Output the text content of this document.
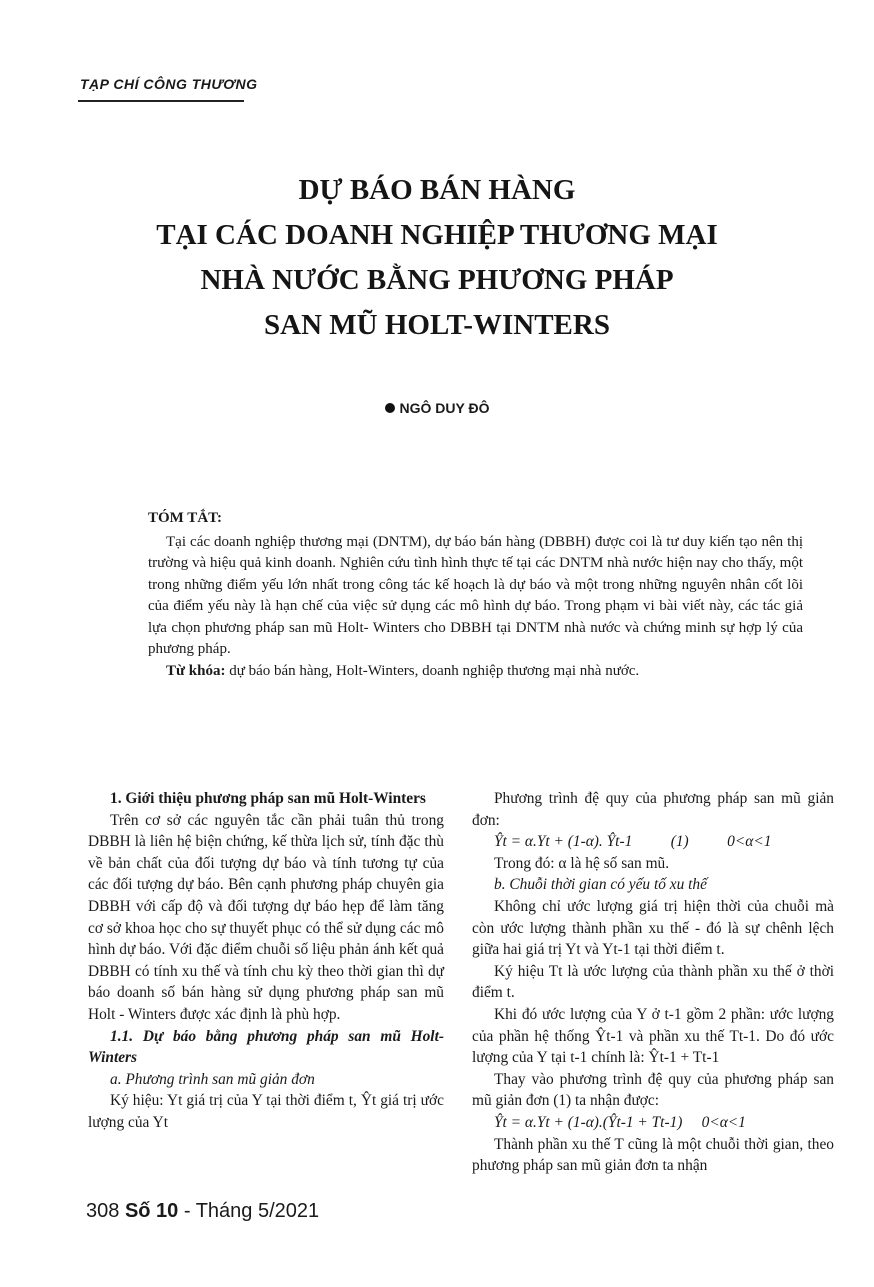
TẠP CHÍ CÔNG THƯƠNG
DỰ BÁO BÁN HÀNG
TẠI CÁC DOANH NGHIỆP THƯƠNG MẠI
NHÀ NƯỚC BẰNG PHƯƠNG PHÁP
SAN MŨ HOLT-WINTERS
NGÔ DUY ĐÔ
TÓM TẮT:

Tại các doanh nghiệp thương mại (DNTM), dự báo bán hàng (DBBH) được coi là tư duy kiến tạo nên thị trường và hiệu quả kinh doanh. Nghiên cứu tình hình thực tế tại các DNTM nhà nước hiện nay cho thấy, một trong những điểm yếu lớn nhất trong công tác kế hoạch là dự báo và một trong những nguyên nhân cốt lõi của điểm yếu này là hạn chế của việc sử dụng các mô hình dự báo. Trong phạm vi bài viết này, các tác giả lựa chọn phương pháp san mũ Holt- Winters cho DBBH tại DNTM nhà nước và chứng minh sự hợp lý của phương pháp.

Từ khóa: dự báo bán hàng, Holt-Winters, doanh nghiệp thương mại nhà nước.

1. Giới thiệu phương pháp san mũ Holt-Winters

Trên cơ sở các nguyên tắc cần phải tuân thủ trong DBBH là liên hệ biện chứng, kế thừa lịch sử, tính đặc thù về bản chất của đối tượng dự báo và tính tương tự của các đối tượng dự báo. Bên cạnh phương pháp chuyên gia DBBH với cấp độ và đối tượng dự báo hẹp để làm tăng cơ sở khoa học cho sự thuyết phục có thể sử dụng các mô hình dự báo. Với đặc điểm chuỗi số liệu phản ánh kết quả DBBH có tính xu thế và tính chu kỳ theo thời gian thì dự báo doanh số bán hàng sử dụng phương pháp san mũ Holt - Winters được xác định là phù hợp.

1.1. Dự báo bằng phương pháp san mũ Holt-Winters

a. Phương trình san mũ giản đơn

Ký hiệu: Yt giá trị của Y tại thời điểm t, Ŷt giá trị ước lượng của Yt

Phương trình đệ quy của phương pháp san mũ giản đơn:

Ŷt = α.Yt + (1-α). Ŷt-1          (1)          0<α<1

Trong đó: α là hệ số san mũ.

b. Chuỗi thời gian có yếu tố xu thế

Không chỉ ước lượng giá trị hiện thời của chuỗi mà còn ước lượng thành phần xu thế - đó là sự chênh lệch giữa hai giá trị Yt và Yt-1 tại thời điểm t.

Ký hiệu Tt là ước lượng của thành phần xu thế ở thời điểm t.

Khi đó ước lượng của Y ở t-1 gồm 2 phần: ước lượng của phần hệ thống Ŷt-1 và phần xu thế Tt-1. Do đó ước lượng của Y tại t-1 chính là: Ŷt-1 + Tt-1

Thay vào phương trình đệ quy của phương pháp san mũ giản đơn (1) ta nhận được:

Ŷt = α.Yt + (1-α).(Ŷt-1 + Tt-1)     0<α<1

Thành phần xu thế T cũng là một chuỗi thời gian, theo phương pháp san mũ giản đơn ta nhận

308 Số 10 - Tháng 5/2021
